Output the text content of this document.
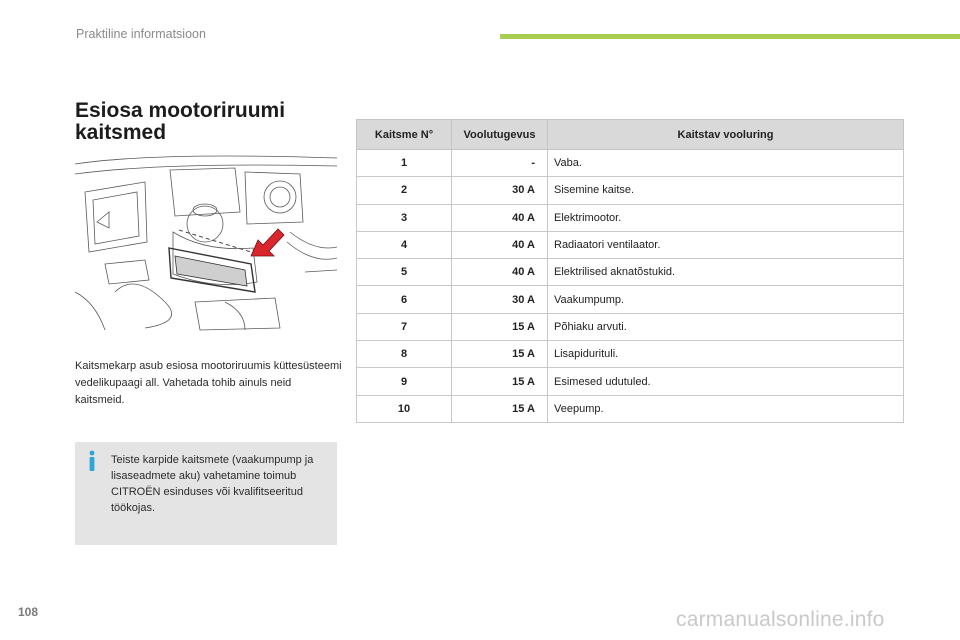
Praktiline informatsioon
Esiosa mootoriruumi
kaitsmed
Kaitsmekarp asub esiosa mootoriruumis küttesüsteemi vedelikupaagi all. Vahetada tohib ainuls neid kaitsmeid.
Teiste karpide kaitsmete (vaakumpump ja lisaseadmete aku) vahetamine toimub CITROËN esinduses või kvalifitseeritud töökojas.
Kaitsme N°	Voolutugevus	Kaitstav vooluring
1	-	Vaba.
2	30 A	Sisemine kaitse.
3	40 A	Elektrimootor.
4	40 A	Radiaatori ventilaator.
5	40 A	Elektrilised aknatõstukid.
6	30 A	Vaakumpump.
7	15 A	Põhiaku arvuti.
8	15 A	Lisapidurituli.
9	15 A	Esimesed udutuled.
10	15 A	Veepump.
108	carmanualsonline.info
